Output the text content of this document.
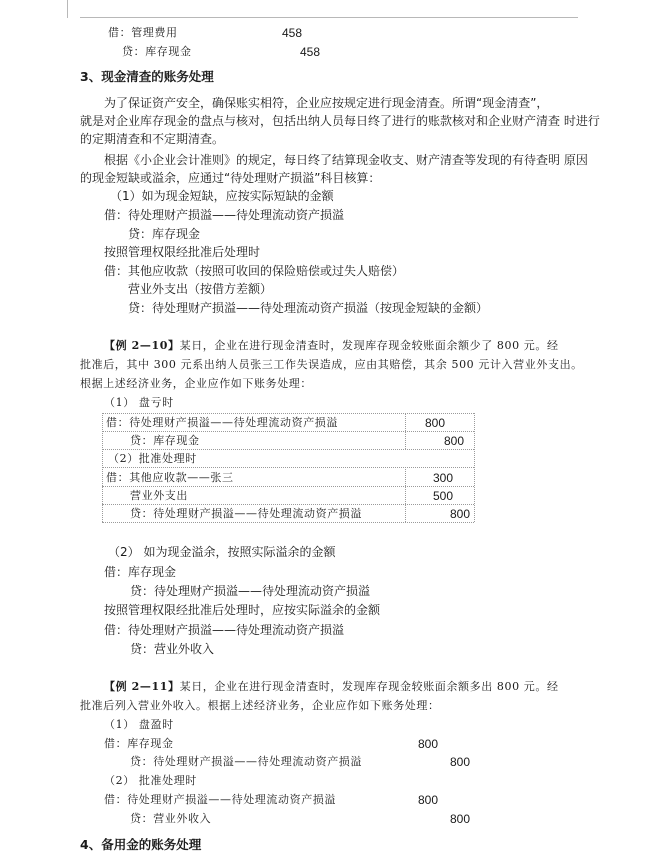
借：管理费用	458
贷：库存现金	458
3、现金清查的账务处理
为了保证资产安全，确保账实相符，企业应按规定进行现金清查。所谓“现金清查”，
就是对企业库存现金的盘点与核对，包括出纳人员每日终了进行的账款核对和企业财产清查 时进行
的定期清查和不定期清查。
根据《小企业会计准则》的规定，每日终了结算现金收支、财产清查等发现的有待查明 原因
的现金短缺或溢余，应通过“待处理财产损溢”科目核算：
（1）如为现金短缺，应按实际短缺的金额
借：待处理财产损溢——待处理流动资产损溢
贷：库存现金
按照管理权限经批准后处理时
借：其他应收款（按照可收回的保险赔偿或过失人赔偿）
营业外支出（按借方差额）
贷：待处理财产损溢——待处理流动资产损溢（按现金短缺的金额）
【例 2—10】某日，企业在进行现金清查时，发现库存现金较账面余额少了 800 元。经
批准后，其中 300 元系出纳人员张三工作失误造成，应由其赔偿，其余 500 元计入营业外支出。
根据上述经济业务，企业应作如下账务处理：
（1） 盘亏时
借：待处理财产损溢——待处理流动资产损溢	800
贷：库存现金	800
（2）批准处理时
借：其他应收款——张三	300
营业外支出	500
贷：待处理财产损溢——待处理流动资产损溢	800
（2） 如为现金溢余，按照实际溢余的金额
借：库存现金
贷：待处理财产损溢——待处理流动资产损溢
按照管理权限经批准后处理时，应按实际溢余的金额
借：待处理财产损溢——待处理流动资产损溢
贷：营业外收入
【例 2—11】某日，企业在进行现金清查时，发现库存现金较账面余额多出 800 元。经
批准后列入营业外收入。根据上述经济业务，企业应作如下账务处理：
（1） 盘盈时
借：库存现金	800
贷：待处理财产损溢——待处理流动资产损溢	800
（2） 批准处理时
借：待处理财产损溢——待处理流动资产损溢	800
贷：营业外收入	800
4、备用金的账务处理
